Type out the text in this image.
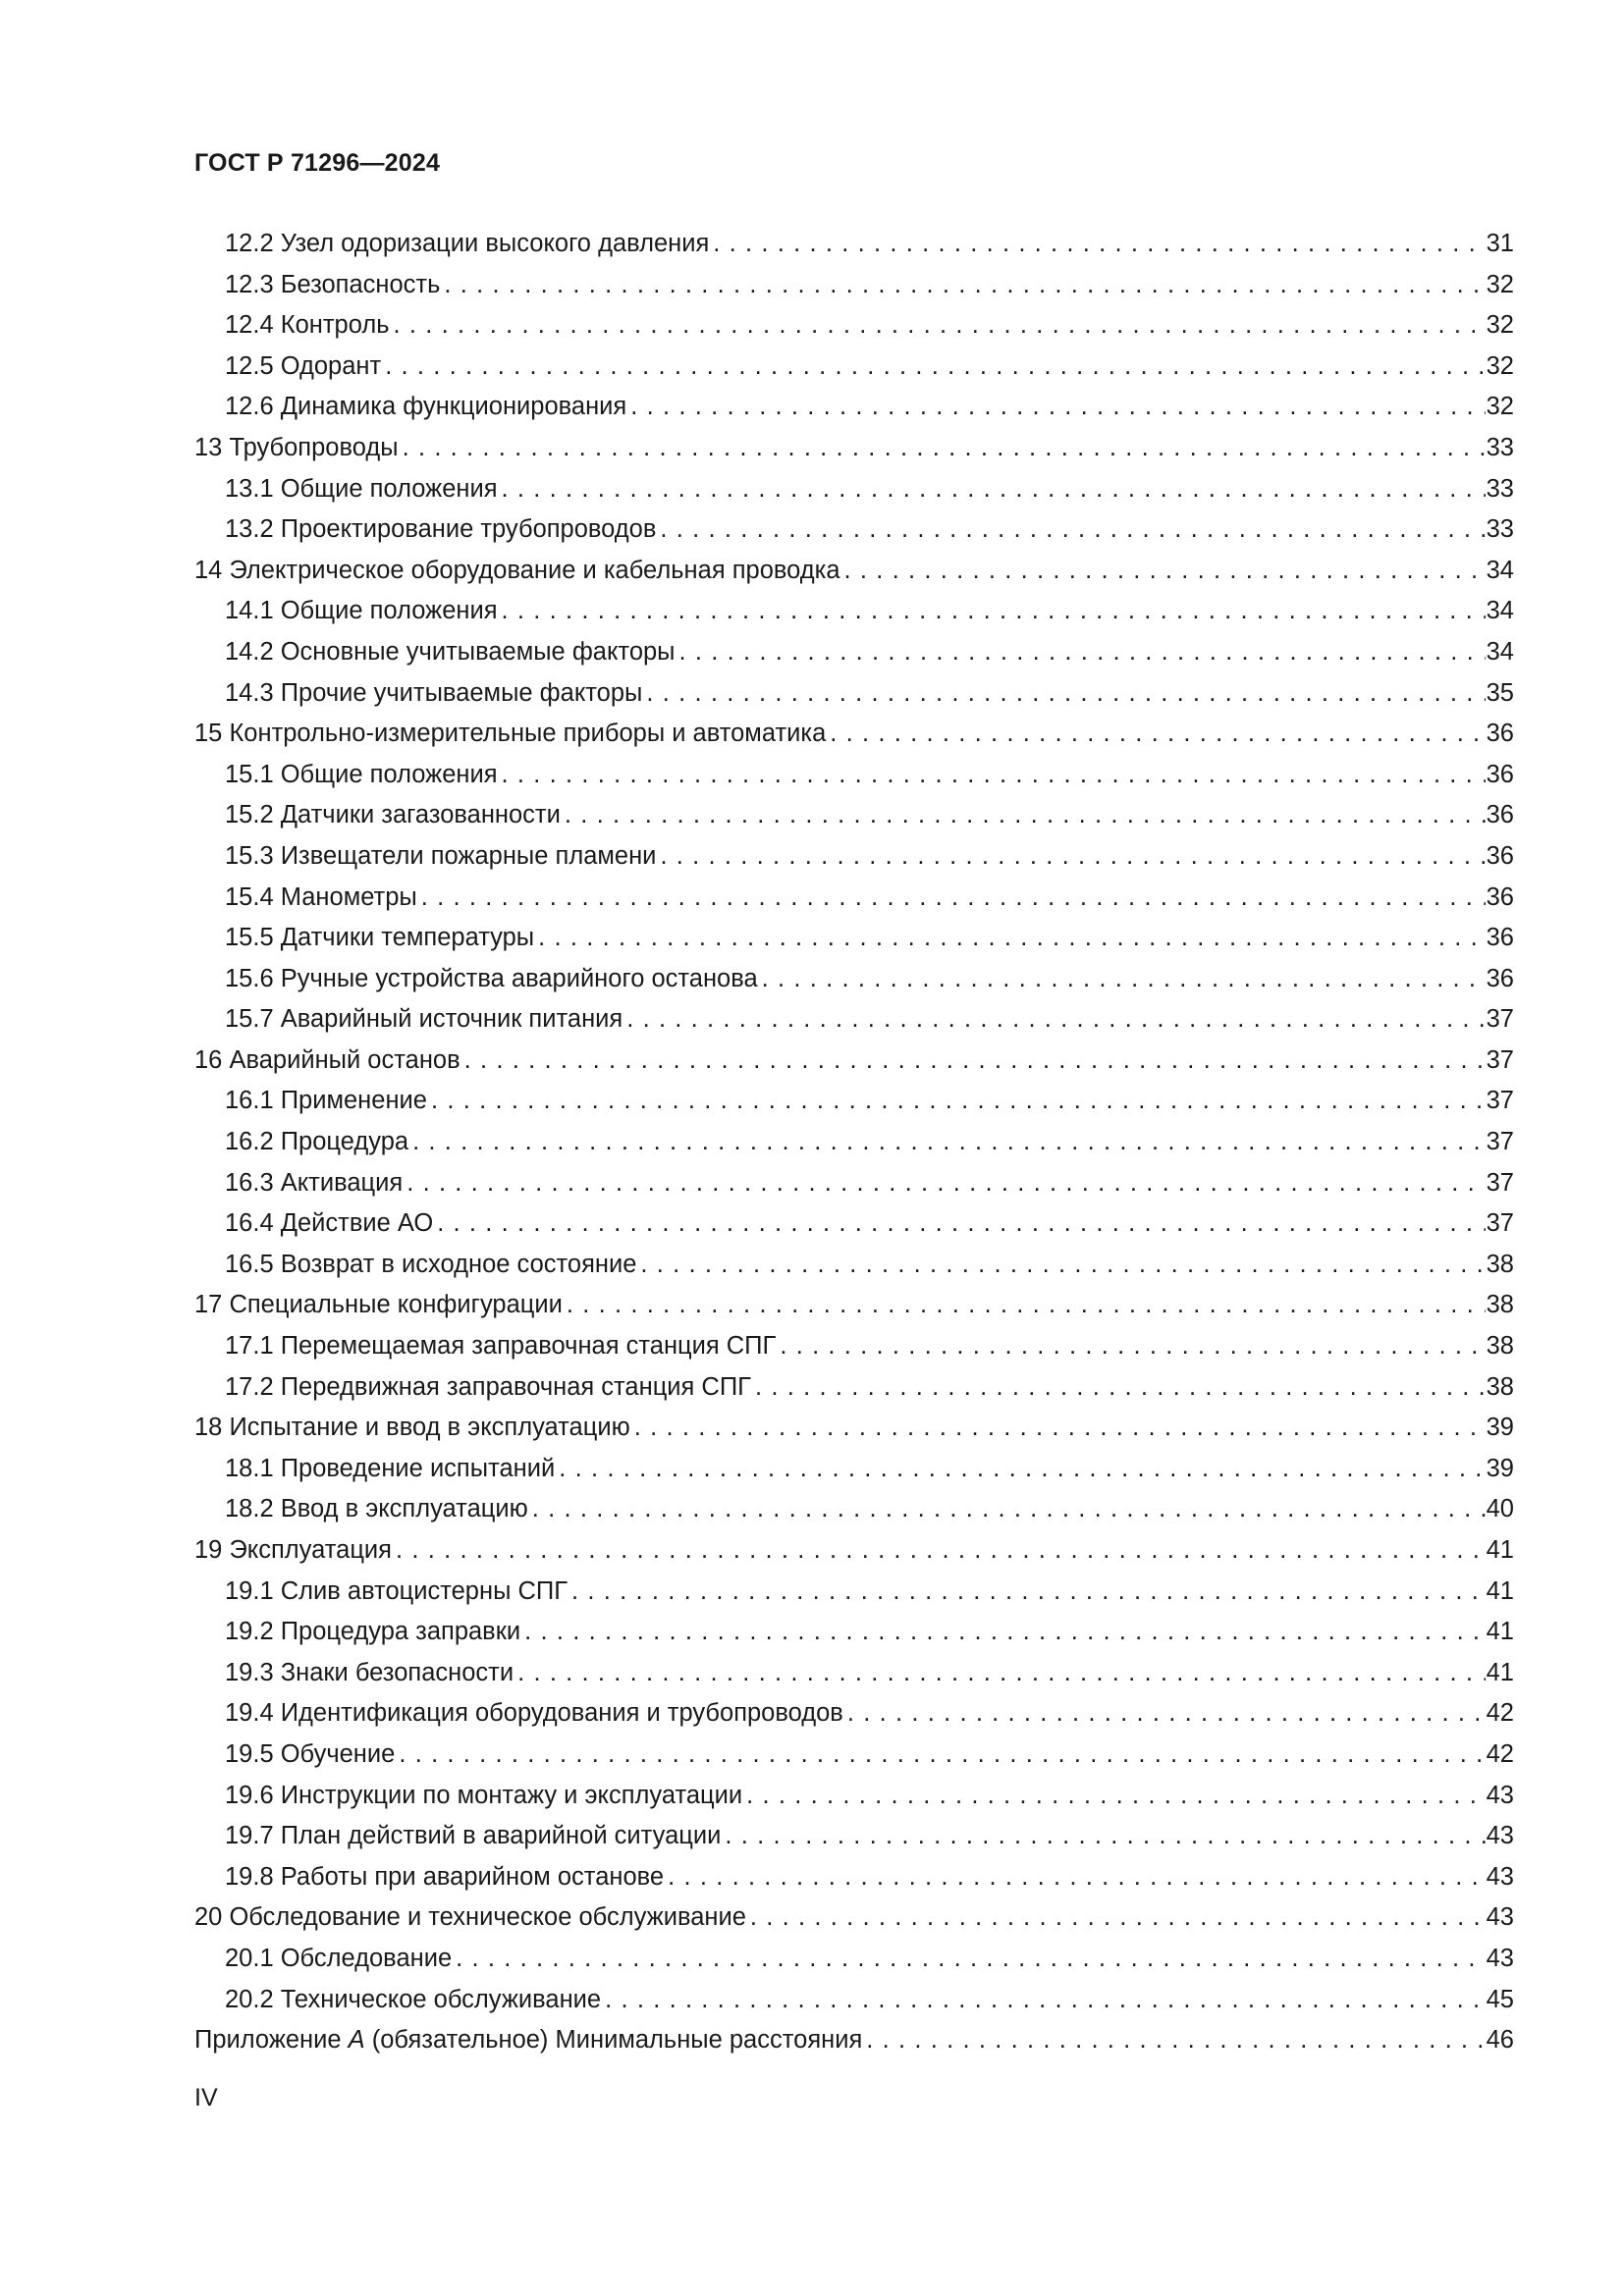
ГОСТ Р 71296—2024
12.2 Узел одоризации высокого давления . . .	31
12.3 Безопасность . . .	32
12.4 Контроль . . .	32
12.5 Одорант . . .	32
12.6 Динамика функционирования . . .	32
13 Трубопроводы . . .	33
13.1 Общие положения . . .	33
13.2 Проектирование трубопроводов . . .	33
14 Электрическое оборудование и кабельная проводка . . .	34
14.1 Общие положения . . .	34
14.2 Основные учитываемые факторы . . .	34
14.3 Прочие учитываемые факторы . . .	35
15 Контрольно-измерительные приборы и автоматика . . .	36
15.1 Общие положения . . .	36
15.2 Датчики загазованности . . .	36
15.3 Извещатели пожарные пламени . . .	36
15.4 Манометры . . .	36
15.5 Датчики температуры . . .	36
15.6 Ручные устройства аварийного останова . . .	36
15.7 Аварийный источник питания . . .	37
16 Аварийный останов . . .	37
16.1 Применение . . .	37
16.2 Процедура . . .	37
16.3 Активация . . .	37
16.4 Действие АО . . .	37
16.5 Возврат в исходное состояние . . .	38
17 Специальные конфигурации . . .	38
17.1 Перемещаемая заправочная станция СПГ . . .	38
17.2 Передвижная заправочная станция СПГ . . .	38
18 Испытание и ввод в эксплуатацию . . .	39
18.1 Проведение испытаний . . .	39
18.2 Ввод в эксплуатацию . . .	40
19 Эксплуатация . . .	41
19.1 Слив автоцистерны СПГ . . .	41
19.2 Процедура заправки . . .	41
19.3 Знаки безопасности . . .	41
19.4 Идентификация оборудования и трубопроводов . . .	42
19.5 Обучение . . .	42
19.6 Инструкции по монтажу и эксплуатации . . .	43
19.7 План действий в аварийной ситуации . . .	43
19.8 Работы при аварийном останове . . .	43
20 Обследование и техническое обслуживание . . .	43
20.1 Обследование . . .	43
20.2 Техническое обслуживание . . .	45
Приложение А (обязательное) Минимальные расстояния . . .	46
IV
